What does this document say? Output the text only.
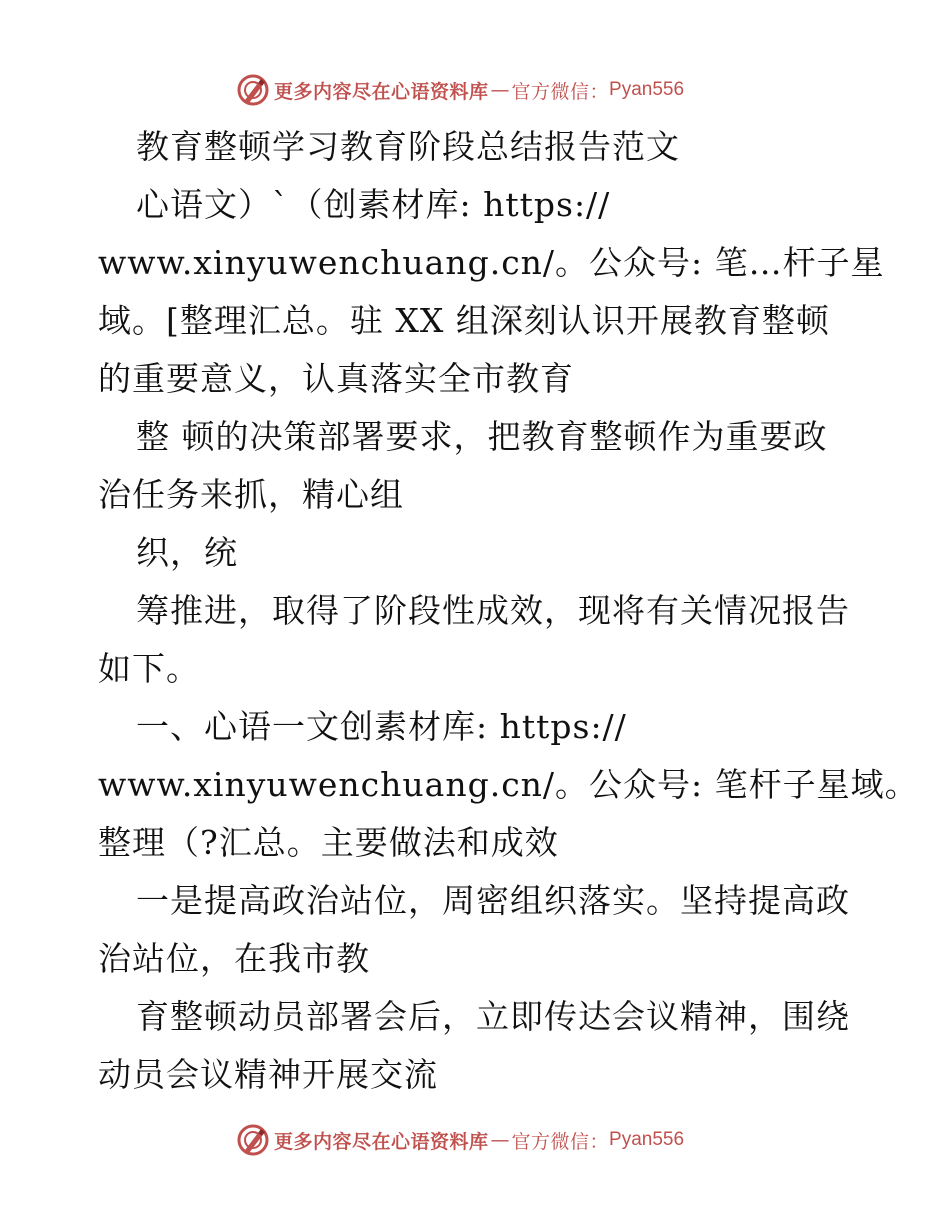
更多内容尽在心语资料库 — 官方微信： Pyan556
教育整顿学习教育阶段总结报告范文
心语文）`（创素材库: https://
www.xinyuwenchuang.cn/。公众号: 笔…杆子星
域。[整理汇总。驻 XX 组深刻认识开展教育整顿
的重要意义，认真落实全市教育
整 顿的决策部署要求，把教育整顿作为重要政
治任务来抓，精心组
织，统
筹推进，取得了阶段性成效，现将有关情况报告
如下。
一、心语一文创素材库: https://
www.xinyuwenchuang.cn/。公众号: 笔杆子星域。
整理（?汇总。主要做法和成效
一是提高政治站位，周密组织落实。坚持提高政
治站位，在我市教
育整顿动员部署会后，立即传达会议精神，围绕
动员会议精神开展交流
更多内容尽在心语资料库 — 官方微信： Pyan556
